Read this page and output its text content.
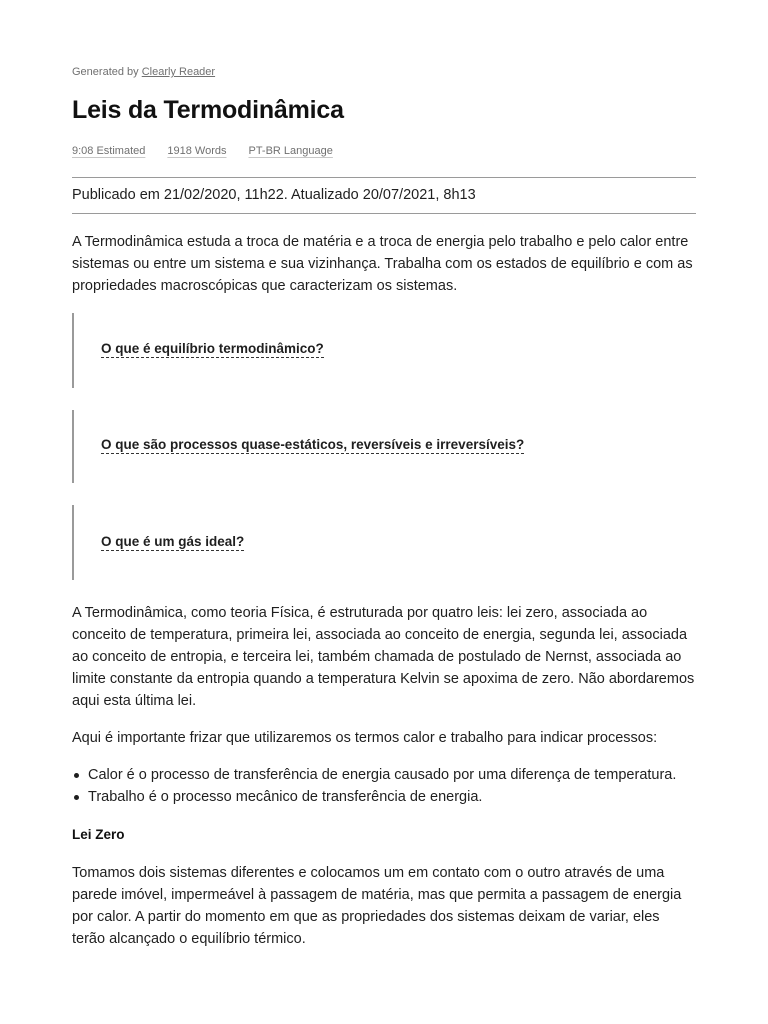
Generated by Clearly Reader
Leis da Termodinâmica
9:08 Estimated 1918 Words PT-BR Language
Publicado em 21/02/2020, 11h22. Atualizado 20/07/2021, 8h13

A Termodinâmica estuda a troca de matéria e a troca de energia pelo trabalho e pelo calor entre sistemas ou entre um sistema e sua vizinhança. Trabalha com os estados de equilíbrio e com as propriedades macroscópicas que caracterizam os sistemas.

O que é equilíbrio termodinâmico?
O que são processos quase-estáticos, reversíveis e irreversíveis?
O que é um gás ideal?

A Termodinâmica, como teoria Física, é estruturada por quatro leis: lei zero, associada ao conceito de temperatura, primeira lei, associada ao conceito de energia, segunda lei, associada ao conceito de entropia, e terceira lei, também chamada de postulado de Nernst, associada ao limite constante da entropia quando a temperatura Kelvin se apoxima de zero. Não abordaremos aqui esta última lei.

Aqui é importante frizar que utilizaremos os termos calor e trabalho para indicar processos:

Calor é o processo de transferência de energia causado por uma diferença de temperatura.
Trabalho é o processo mecânico de transferência de energia.
Lei Zero

Tomamos dois sistemas diferentes e colocamos um em contato com o outro através de uma parede imóvel, impermeável à passagem de matéria, mas que permita a passagem de energia por calor. A partir do momento em que as propriedades dos sistemas deixam de variar, eles terão alcançado o equilíbrio térmico.
